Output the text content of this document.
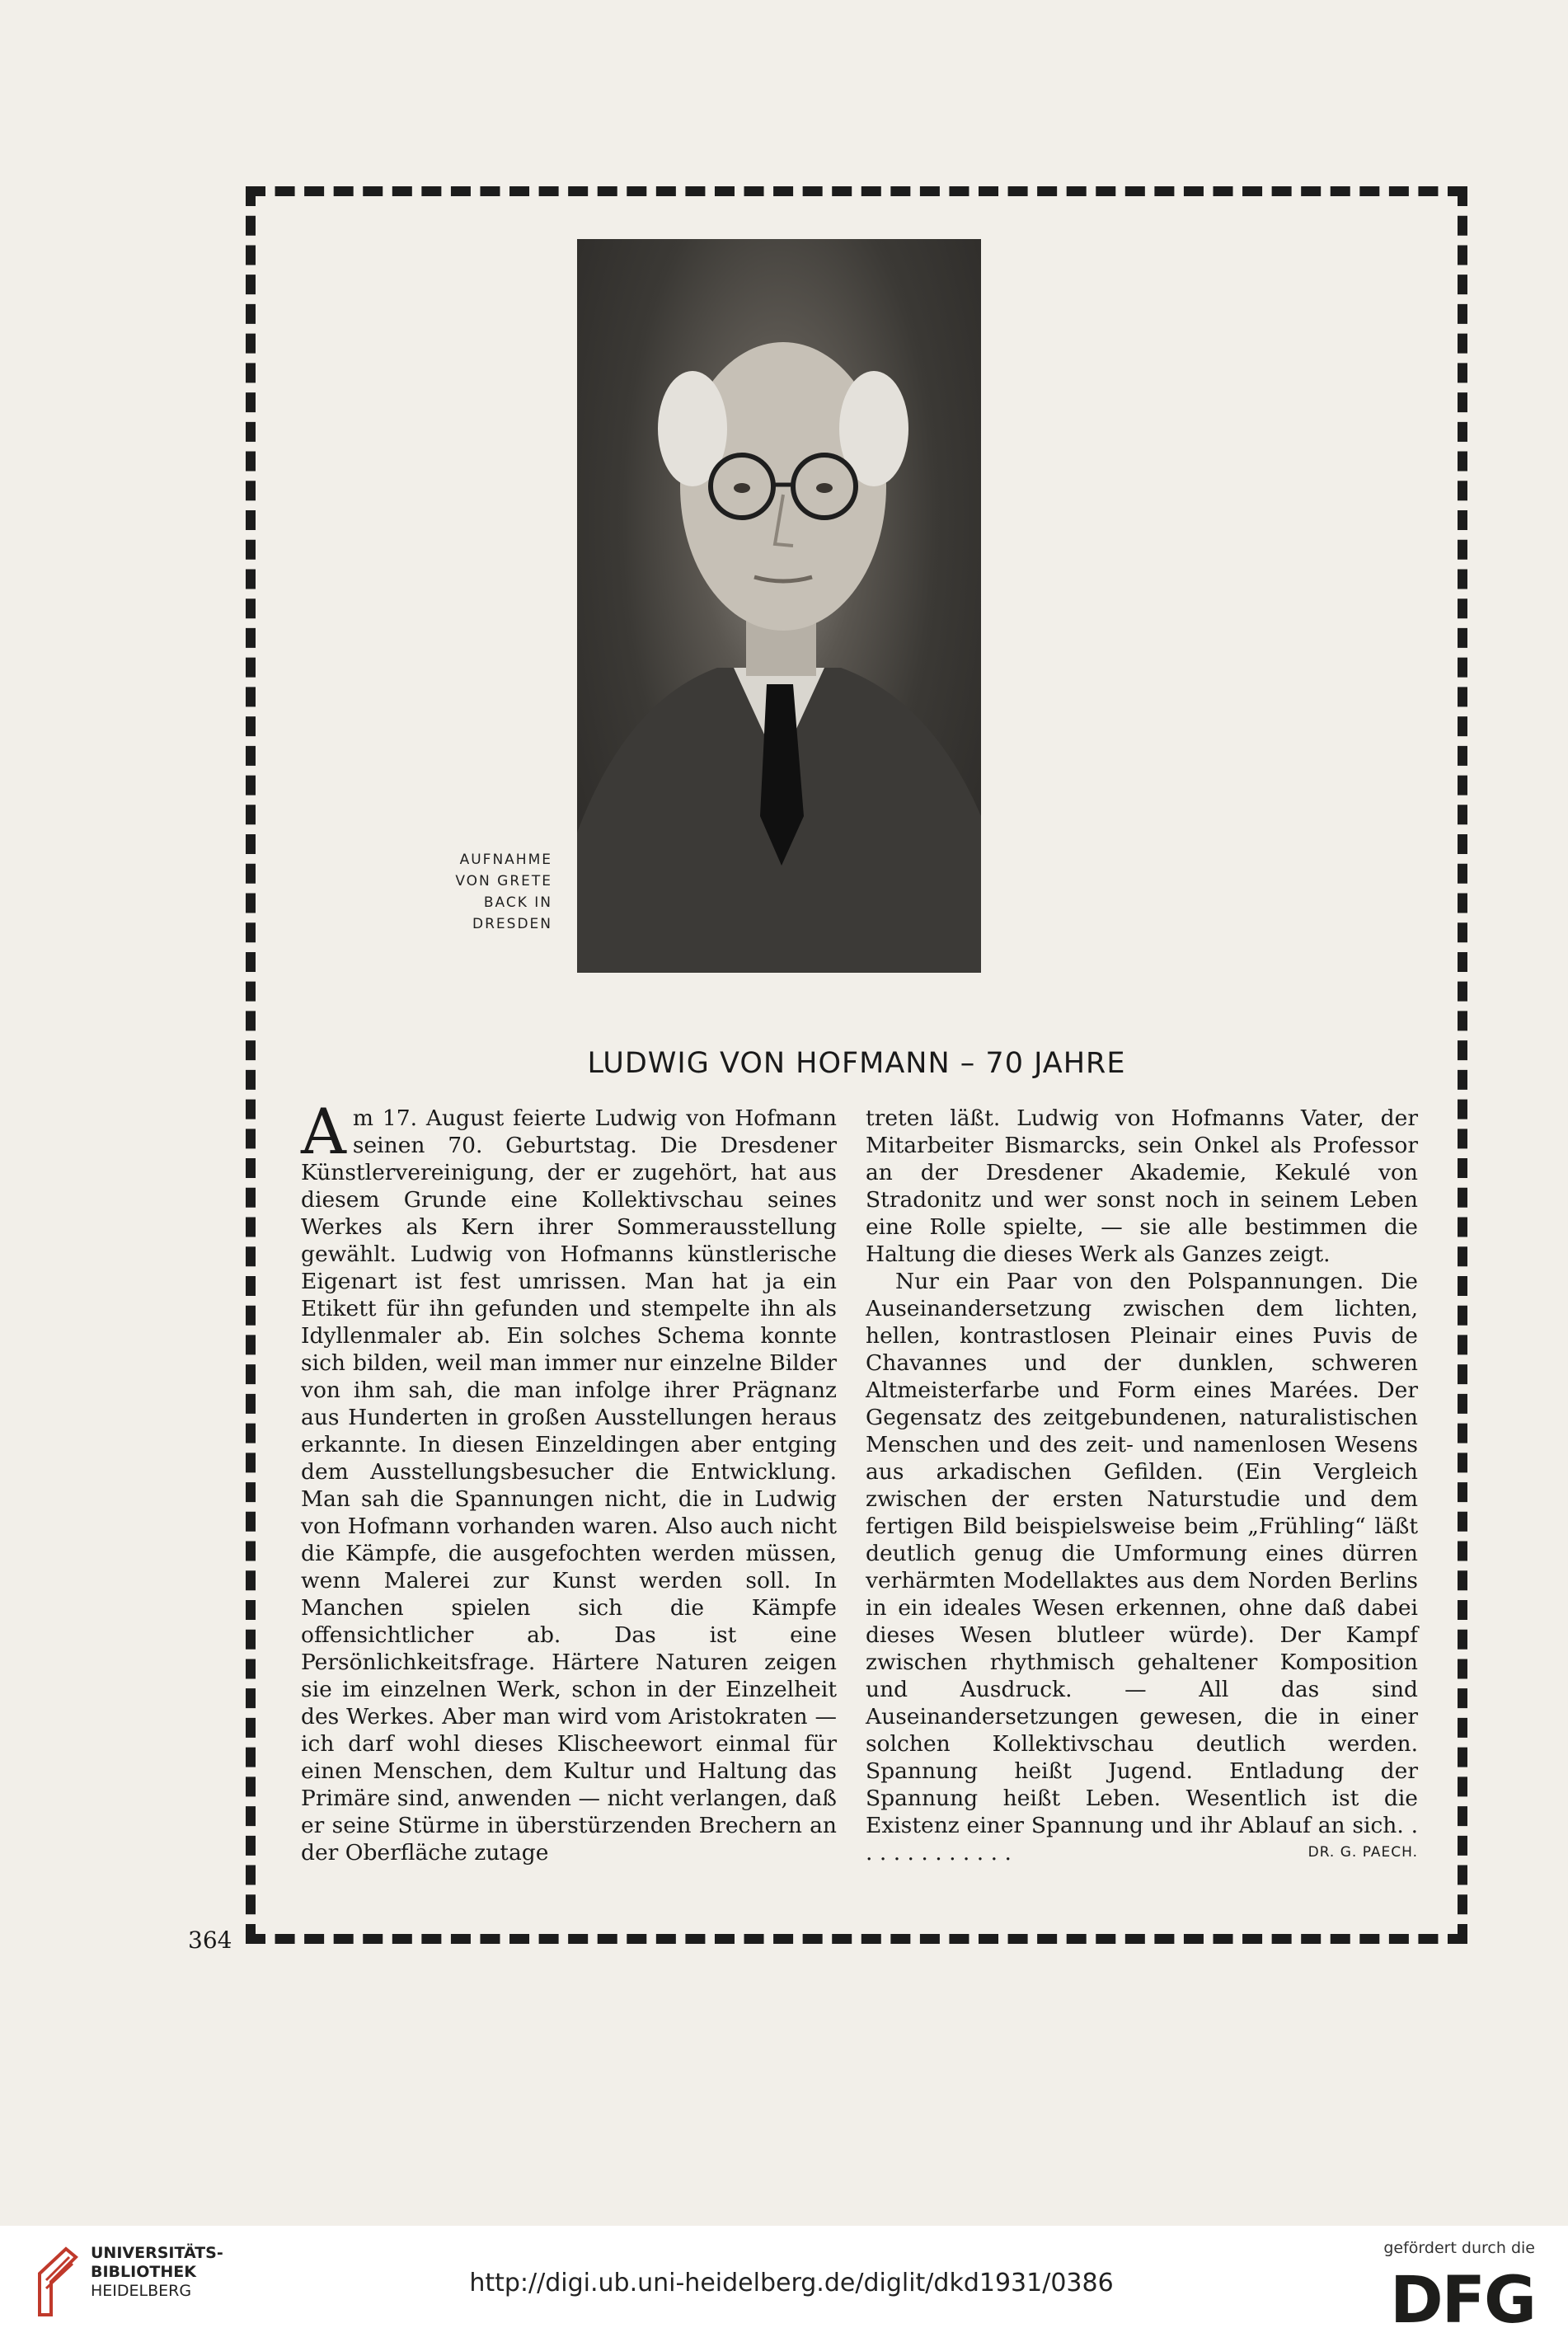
AUFNAHME
VON GRETE
BACK IN
DRESDEN
LUDWIG VON HOFMANN – 70 JAHRE

Am 17. August feierte Ludwig von Hofmann seinen 70. Geburtstag. Die Dresdener Künstlervereinigung, der er zugehört, hat aus diesem Grunde eine Kollektivschau seines Werkes als Kern ihrer Sommerausstellung gewählt. Ludwig von Hofmanns künstlerische Eigenart ist fest umrissen. Man hat ja ein Etikett für ihn gefunden und stempelte ihn als Idyllenmaler ab. Ein solches Schema konnte sich bilden, weil man immer nur einzelne Bilder von ihm sah, die man infolge ihrer Prägnanz aus Hunderten in großen Ausstellungen heraus erkannte. In diesen Einzeldingen aber entging dem Ausstellungsbesucher die Entwicklung. Man sah die Spannungen nicht, die in Ludwig von Hofmann vorhanden waren. Also auch nicht die Kämpfe, die ausgefochten werden müssen, wenn Malerei zur Kunst werden soll. In Manchen spielen sich die Kämpfe offensichtlicher ab. Das ist eine Persönlichkeitsfrage. Härtere Naturen zeigen sie im einzelnen Werk, schon in der Einzelheit des Werkes. Aber man wird vom Aristokraten — ich darf wohl dieses Klischeewort einmal für einen Menschen, dem Kultur und Haltung das Primäre sind, anwenden — nicht verlangen, daß er seine Stürme in überstürzenden Brechern an der Oberfläche zutage

treten läßt. Ludwig von Hofmanns Vater, der Mitarbeiter Bismarcks, sein Onkel als Professor an der Dresdener Akademie, Kekulé von Stradonitz und wer sonst noch in seinem Leben eine Rolle spielte, — sie alle bestimmen die Haltung die dieses Werk als Ganzes zeigt.

Nur ein Paar von den Polspannungen. Die Auseinandersetzung zwischen dem lichten, hellen, kontrastlosen Pleinair eines Puvis de Chavannes und der dunklen, schweren Altmeisterfarbe und Form eines Marées. Der Gegensatz des zeitgebundenen, naturalistischen Menschen und des zeit- und namenlosen Wesens aus arkadischen Gefilden. (Ein Vergleich zwischen der ersten Naturstudie und dem fertigen Bild beispielsweise beim „Frühling“ läßt deutlich genug die Umformung eines dürren verhärmten Modellaktes aus dem Norden Berlins in ein ideales Wesen erkennen, ohne daß dabei dieses Wesen blutleer würde). Der Kampf zwischen rhythmisch gehaltener Komposition und Ausdruck. — All das sind Auseinandersetzungen gewesen, die in einer solchen Kollektivschau deutlich werden. Spannung heißt Jugend. Entladung der Spannung heißt Leben. Wesentlich ist die Existenz einer Spannung und ihr Ablauf an sich. . . . . . . . . . . . .	DR. G. PAECH.

364
UNIVERSITÄTS-
BIBLIOTHEK
HEIDELBERG	http://digi.ub.uni-heidelberg.de/diglit/dkd1931/0386
gefördert durch die
DFG
